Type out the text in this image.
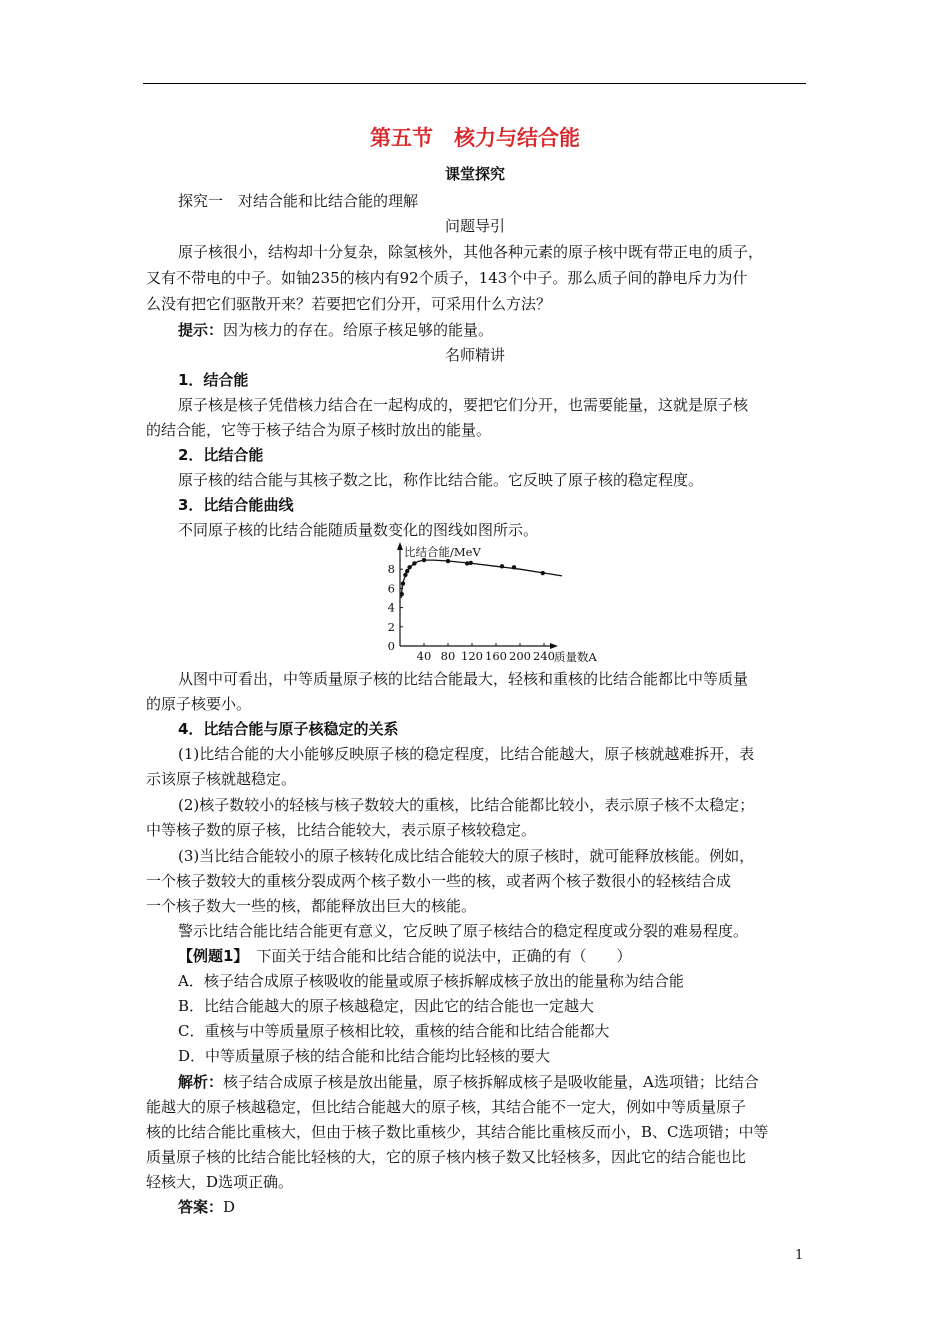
第五节　核力与结合能
课堂探究
探究一　对结合能和比结合能的理解
问题导引
原子核很小，结构却十分复杂，除氢核外，其他各种元素的原子核中既有带正电的质子，
又有不带电的中子。如铀235的核内有92个质子，143个中子。那么质子间的静电斥力为什
么没有把它们驱散开来？若要把它们分开，可采用什么方法？
提示：因为核力的存在。给原子核足够的能量。
名师精讲
1．结合能
原子核是核子凭借核力结合在一起构成的，要把它们分开，也需要能量，这就是原子核
的结合能，它等于核子结合为原子核时放出的能量。
2．比结合能
原子核的结合能与其核子数之比，称作比结合能。它反映了原子核的稳定程度。
3．比结合能曲线
不同原子核的比结合能随质量数变化的图线如图所示。
0
2
4
6
8
40 80 120 160 200 240
比结合能/MeV
质量数A
从图中可看出，中等质量原子核的比结合能最大，轻核和重核的比结合能都比中等质量
的原子核要小。
4．比结合能与原子核稳定的关系
(1)比结合能的大小能够反映原子核的稳定程度，比结合能越大，原子核就越难拆开，表
示该原子核就越稳定。
(2)核子数较小的轻核与核子数较大的重核，比结合能都比较小，表示原子核不太稳定；
中等核子数的原子核，比结合能较大，表示原子核较稳定。
(3)当比结合能较小的原子核转化成比结合能较大的原子核时，就可能释放核能。例如，
一个核子数较大的重核分裂成两个核子数小一些的核，或者两个核子数很小的轻核结合成
一个核子数大一些的核，都能释放出巨大的核能。
警示比结合能比结合能更有意义，它反映了原子核结合的稳定程度或分裂的难易程度。
【例题1】 下面关于结合能和比结合能的说法中，正确的有（　　）
A．核子结合成原子核吸收的能量或原子核拆解成核子放出的能量称为结合能
B．比结合能越大的原子核越稳定，因此它的结合能也一定越大
C．重核与中等质量原子核相比较，重核的结合能和比结合能都大
D．中等质量原子核的结合能和比结合能均比轻核的要大
解析：核子结合成原子核是放出能量，原子核拆解成核子是吸收能量，A选项错；比结合
能越大的原子核越稳定，但比结合能越大的原子核，其结合能不一定大，例如中等质量原子
核的比结合能比重核大，但由于核子数比重核少，其结合能比重核反而小，B、C选项错；中等
质量原子核的比结合能比轻核的大，它的原子核内核子数又比轻核多，因此它的结合能也比
轻核大，D选项正确。
答案：D
1
